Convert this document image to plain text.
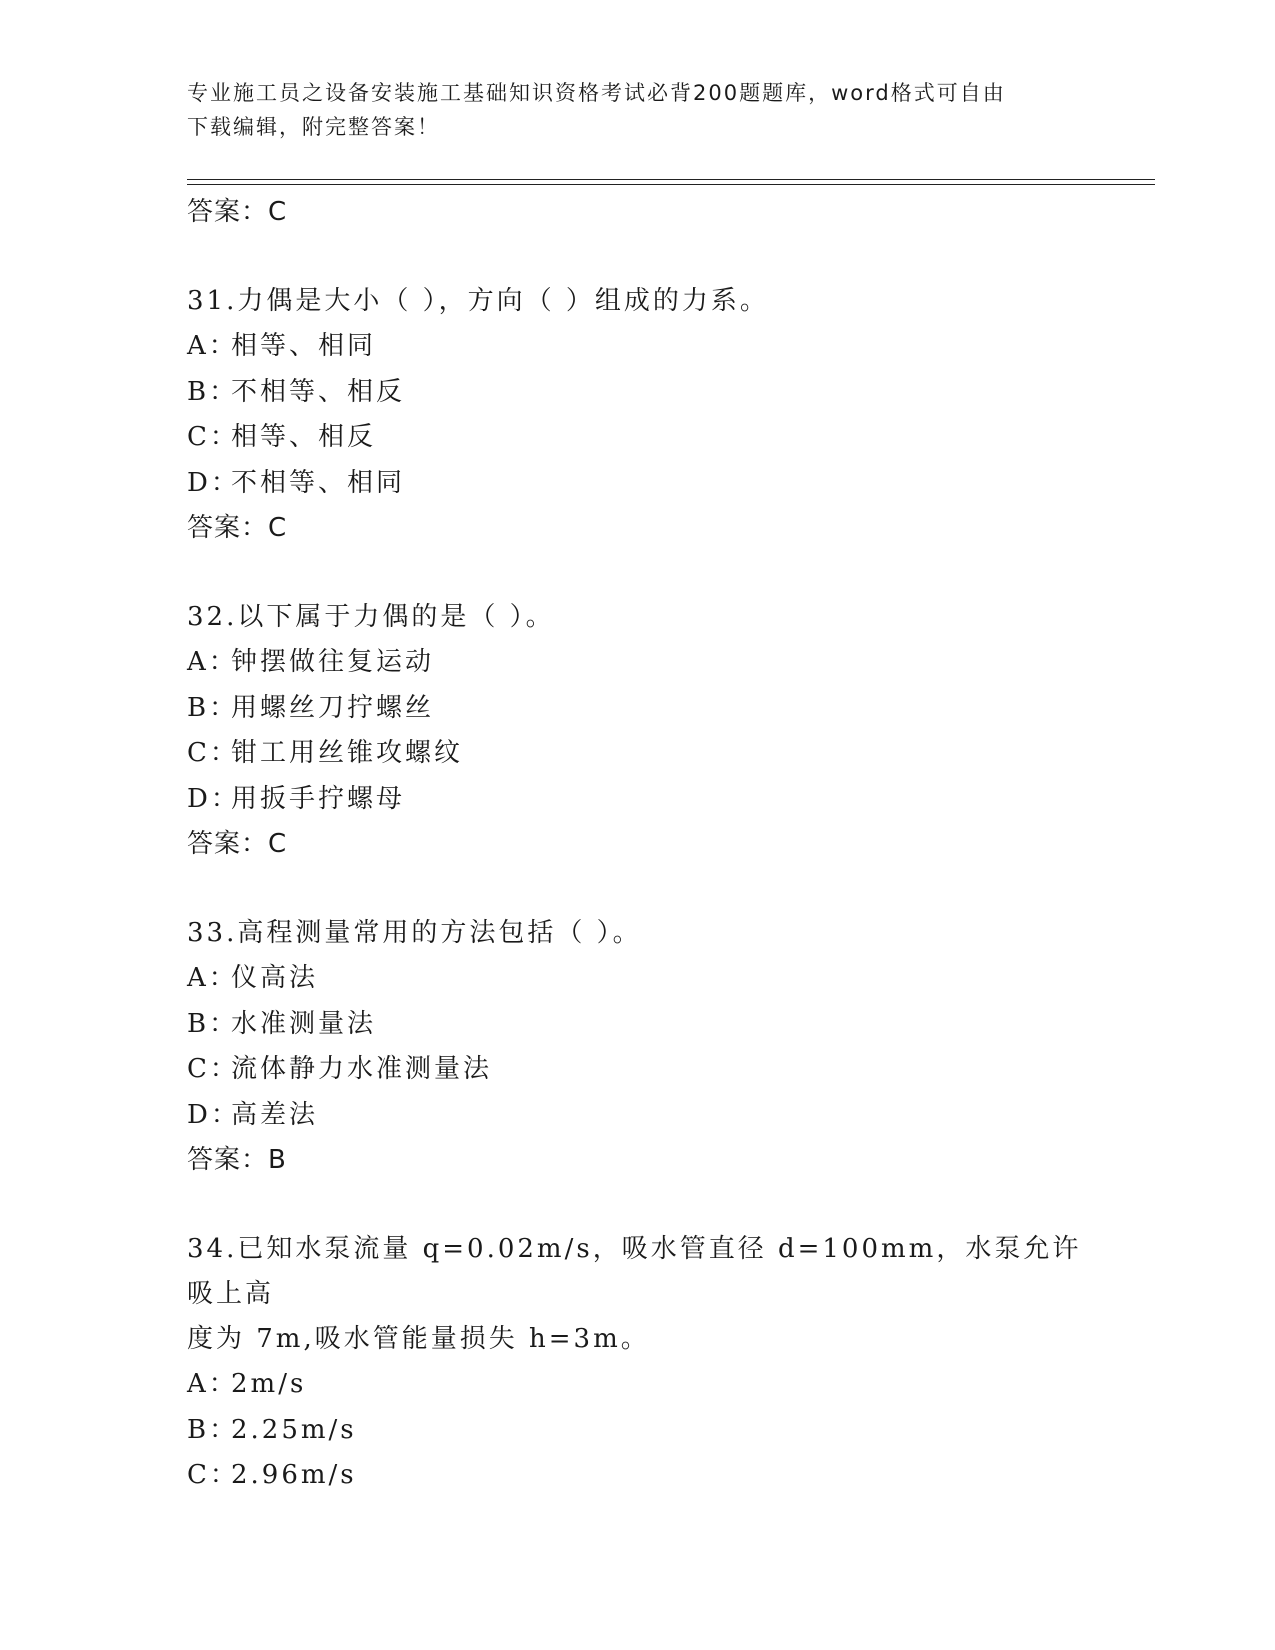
专业施工员之设备安装施工基础知识资格考试必背200题题库，word格式可自由
下载编辑，附完整答案！
答案：C
31.力偶是大小（ ），方向（ ）组成的力系。
A：相等、相同
B：不相等、相反
C：相等、相反
D：不相等、相同
答案：C
32.以下属于力偶的是（ ）。
A：钟摆做往复运动
B：用螺丝刀拧螺丝
C：钳工用丝锥攻螺纹
D：用扳手拧螺母
答案：C
33.高程测量常用的方法包括（ ）。
A：仪高法
B：水准测量法
C：流体静力水准测量法
D：高差法
答案：B
34.已知水泵流量 q=0.02m/s，吸水管直径 d=100mm，水泵允许吸上高
度为 7m,吸水管能量损失 h=3m。
A：2m/s
B：2.25m/s
C：2.96m/s
